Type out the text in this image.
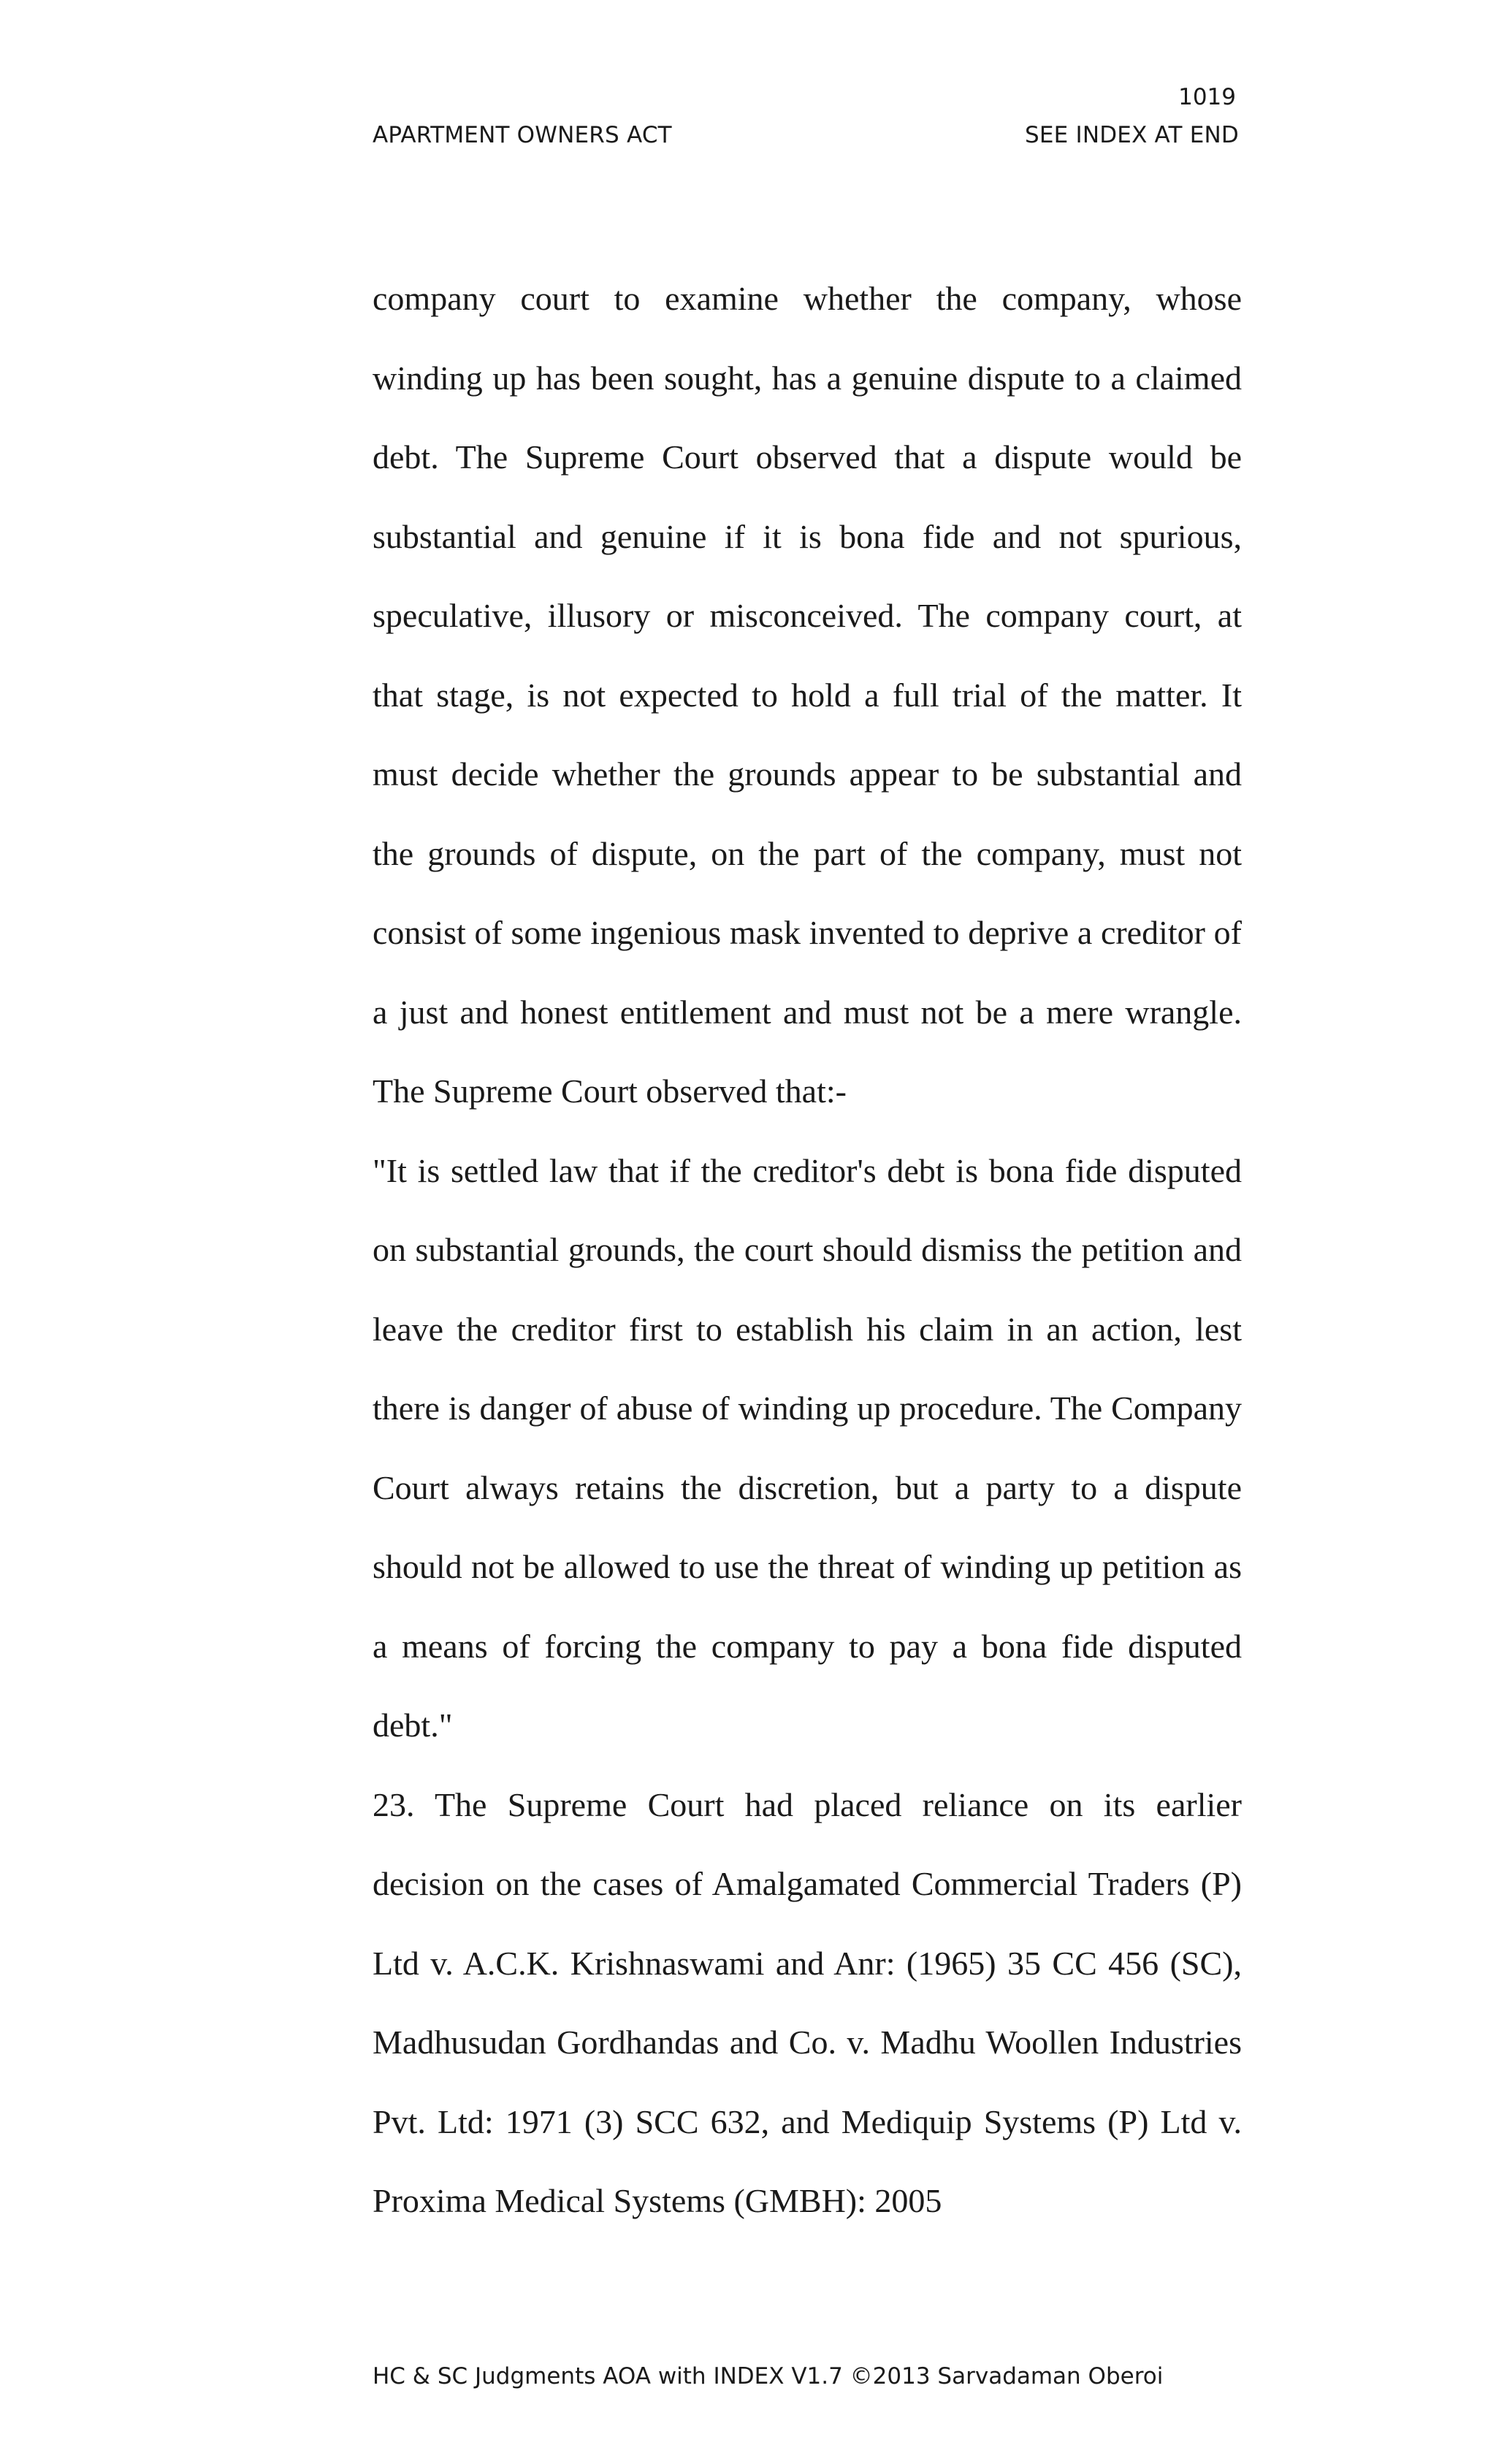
1019
APARTMENT OWNERS ACT	SEE INDEX AT END

company court to examine whether the company, whose winding up has been sought, has a genuine dispute to a claimed debt. The Supreme Court observed that a dispute would be substantial and genuine if it is bona fide and not spurious, speculative, illusory or misconceived. The company court, at that stage, is not expected to hold a full trial of the matter. It must decide whether the grounds appear to be substantial and the grounds of dispute, on the part of the company, must not consist of some ingenious mask invented to deprive a creditor of a just and honest entitlement and must not be a mere wrangle. The Supreme Court observed that:-

"It is settled law that if the creditor's debt is bona fide disputed on substantial grounds, the court should dismiss the petition and leave the creditor first to establish his claim in an action, lest there is danger of abuse of winding up procedure. The Company Court always retains the discretion, but a party to a dispute should not be allowed to use the threat of winding up petition as a means of forcing the company to pay a bona fide disputed debt."

23. The Supreme Court had placed reliance on its earlier decision on the cases of Amalgamated Commercial Traders (P) Ltd v. A.C.K. Krishnaswami and Anr: (1965) 35 CC 456 (SC), Madhusudan Gordhandas and Co. v. Madhu Woollen Industries Pvt. Ltd: 1971 (3) SCC 632, and Mediquip Systems (P) Ltd v. Proxima Medical Systems (GMBH): 2005

HC & SC Judgments AOA with INDEX V1.7 ©2013 Sarvadaman Oberoi
